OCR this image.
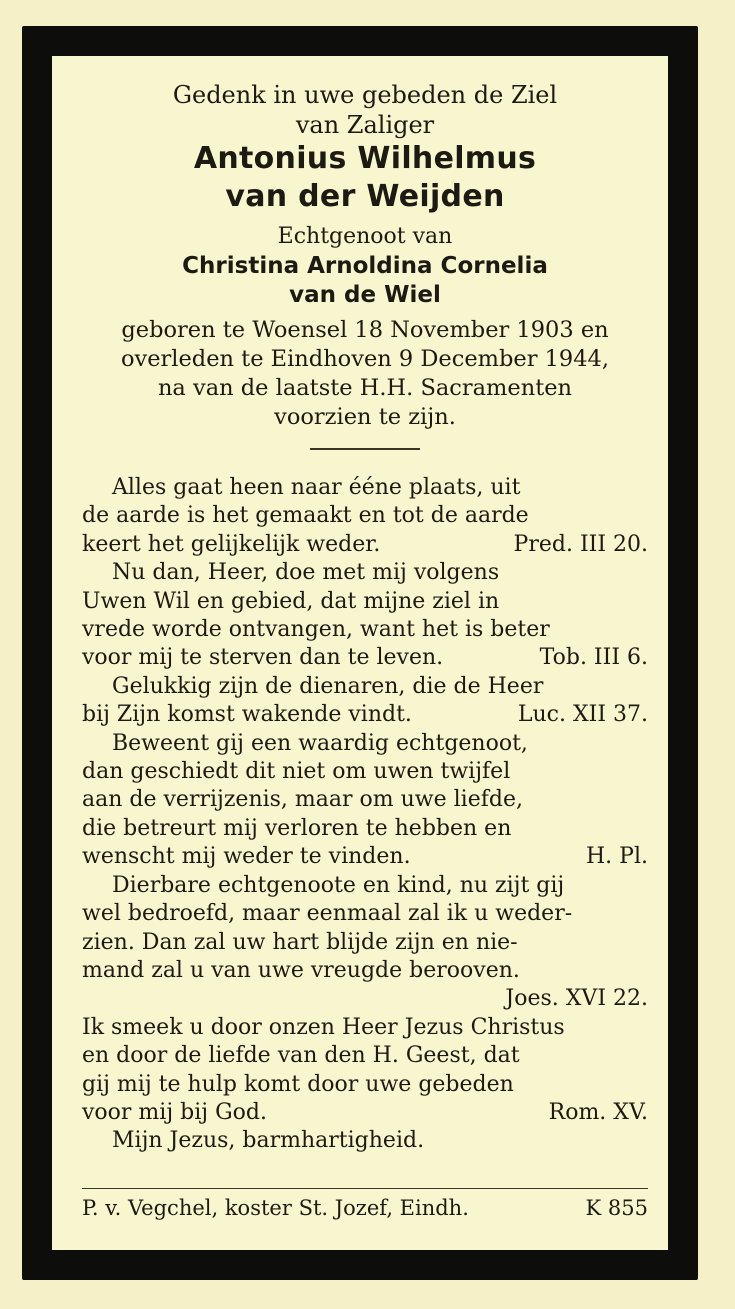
Gedenk in uwe gebeden de Ziel
van Zaliger
Antonius Wilhelmus
van der Weijden
Echtgenoot van
Christina Arnoldina Cornelia
van de Wiel
geboren te Woensel 18 November 1903 en
overleden te Eindhoven 9 December 1944,
na van de laatste H.H. Sacramenten
voorzien te zijn.
Alles gaat heen naar ééne plaats, uit
de aarde is het gemaakt en tot de aarde
keert het gelijkelijk weder.	Pred. III 20.
Nu dan, Heer, doe met mij volgens
Uwen Wil en gebied, dat mijne ziel in
vrede worde ontvangen, want het is beter
voor mij te sterven dan te leven.	Tob. III 6.
Gelukkig zijn de dienaren, die de Heer
bij Zijn komst wakende vindt.	Luc. XII 37.
Beweent gij een waardig echtgenoot,
dan geschiedt dit niet om uwen twijfel
aan de verrijzenis, maar om uwe liefde,
die betreurt mij verloren te hebben en
wenscht mij weder te vinden.	H. Pl.
Dierbare echtgenoote en kind, nu zijt gij
wel bedroefd, maar eenmaal zal ik u weder-
zien. Dan zal uw hart blijde zijn en nie-
mand zal u van uwe vreugde berooven.
Joes. XVI 22.
Ik smeek u door onzen Heer Jezus Christus
en door de liefde van den H. Geest, dat
gij mij te hulp komt door uwe gebeden
voor mij bij God.	Rom. XV.
Mijn Jezus, barmhartigheid.
P. v. Vegchel, koster St. Jozef, Eindh.	K 855
